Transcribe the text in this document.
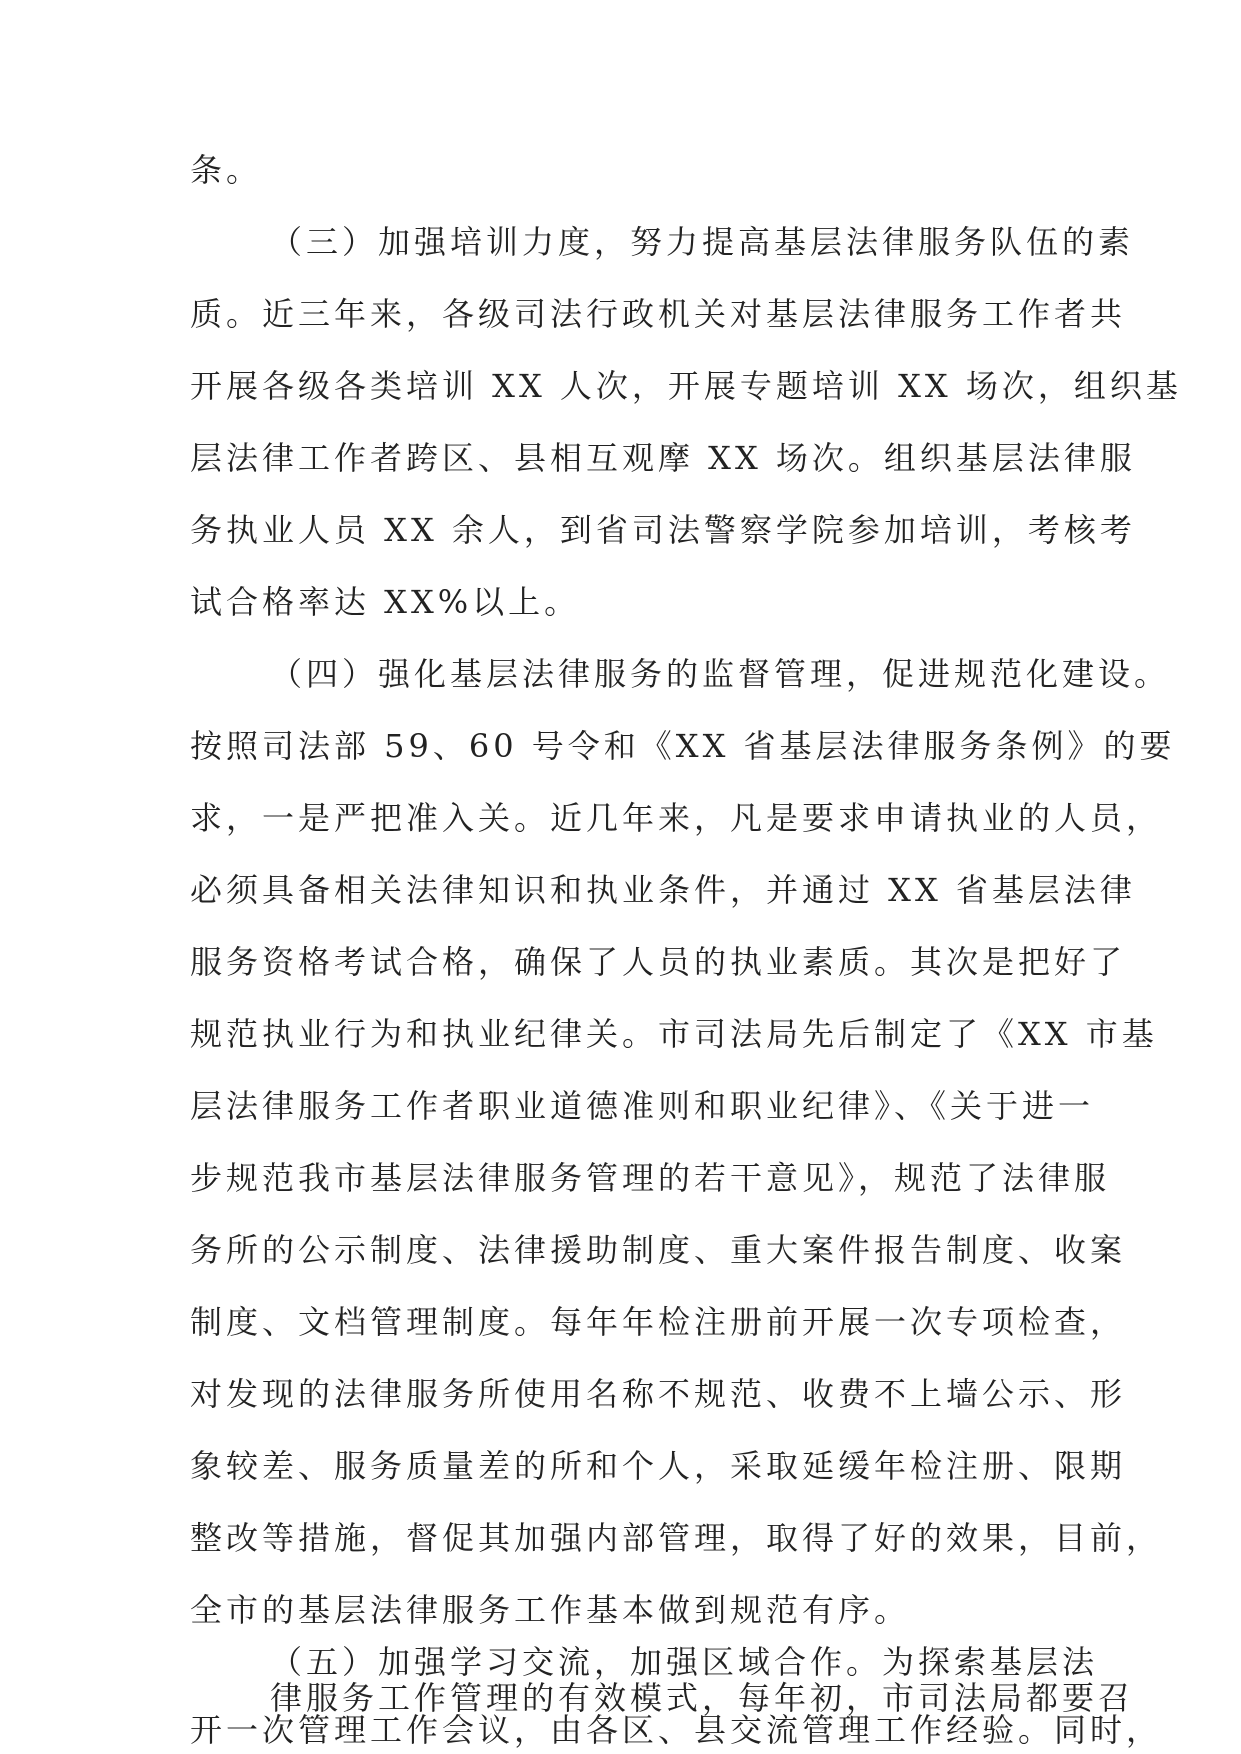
条。
（三）加强培训力度，努力提高基层法律服务队伍的素
质。近三年来，各级司法行政机关对基层法律服务工作者共
开展各级各类培训 XX 人次，开展专题培训 XX 场次，组织基
层法律工作者跨区、县相互观摩 XX 场次。组织基层法律服
务执业人员 XX 余人，到省司法警察学院参加培训，考核考
试合格率达 XX%以上。
（四）强化基层法律服务的监督管理，促进规范化建设。
按照司法部 59、60 号令和《XX 省基层法律服务条例》的要
求，一是严把准入关。近几年来，凡是要求申请执业的人员，
必须具备相关法律知识和执业条件，并通过 XX 省基层法律
服务资格考试合格，确保了人员的执业素质。其次是把好了
规范执业行为和执业纪律关。市司法局先后制定了《XX 市基
层法律服务工作者职业道德准则和职业纪律》、《关于进一
步规范我市基层法律服务管理的若干意见》，规范了法律服
务所的公示制度、法律援助制度、重大案件报告制度、收案
制度、文档管理制度。每年年检注册前开展一次专项检查，
对发现的法律服务所使用名称不规范、收费不上墙公示、形
象较差、服务质量差的所和个人，采取延缓年检注册、限期
整改等措施，督促其加强内部管理，取得了好的效果，目前，
全市的基层法律服务工作基本做到规范有序。
（五）加强学习交流，加强区域合作。为探索基层法
律服务工作管理的有效模式，每年初，市司法局都要召
开一次管理工作会议，由各区、县交流管理工作经验。同时，
